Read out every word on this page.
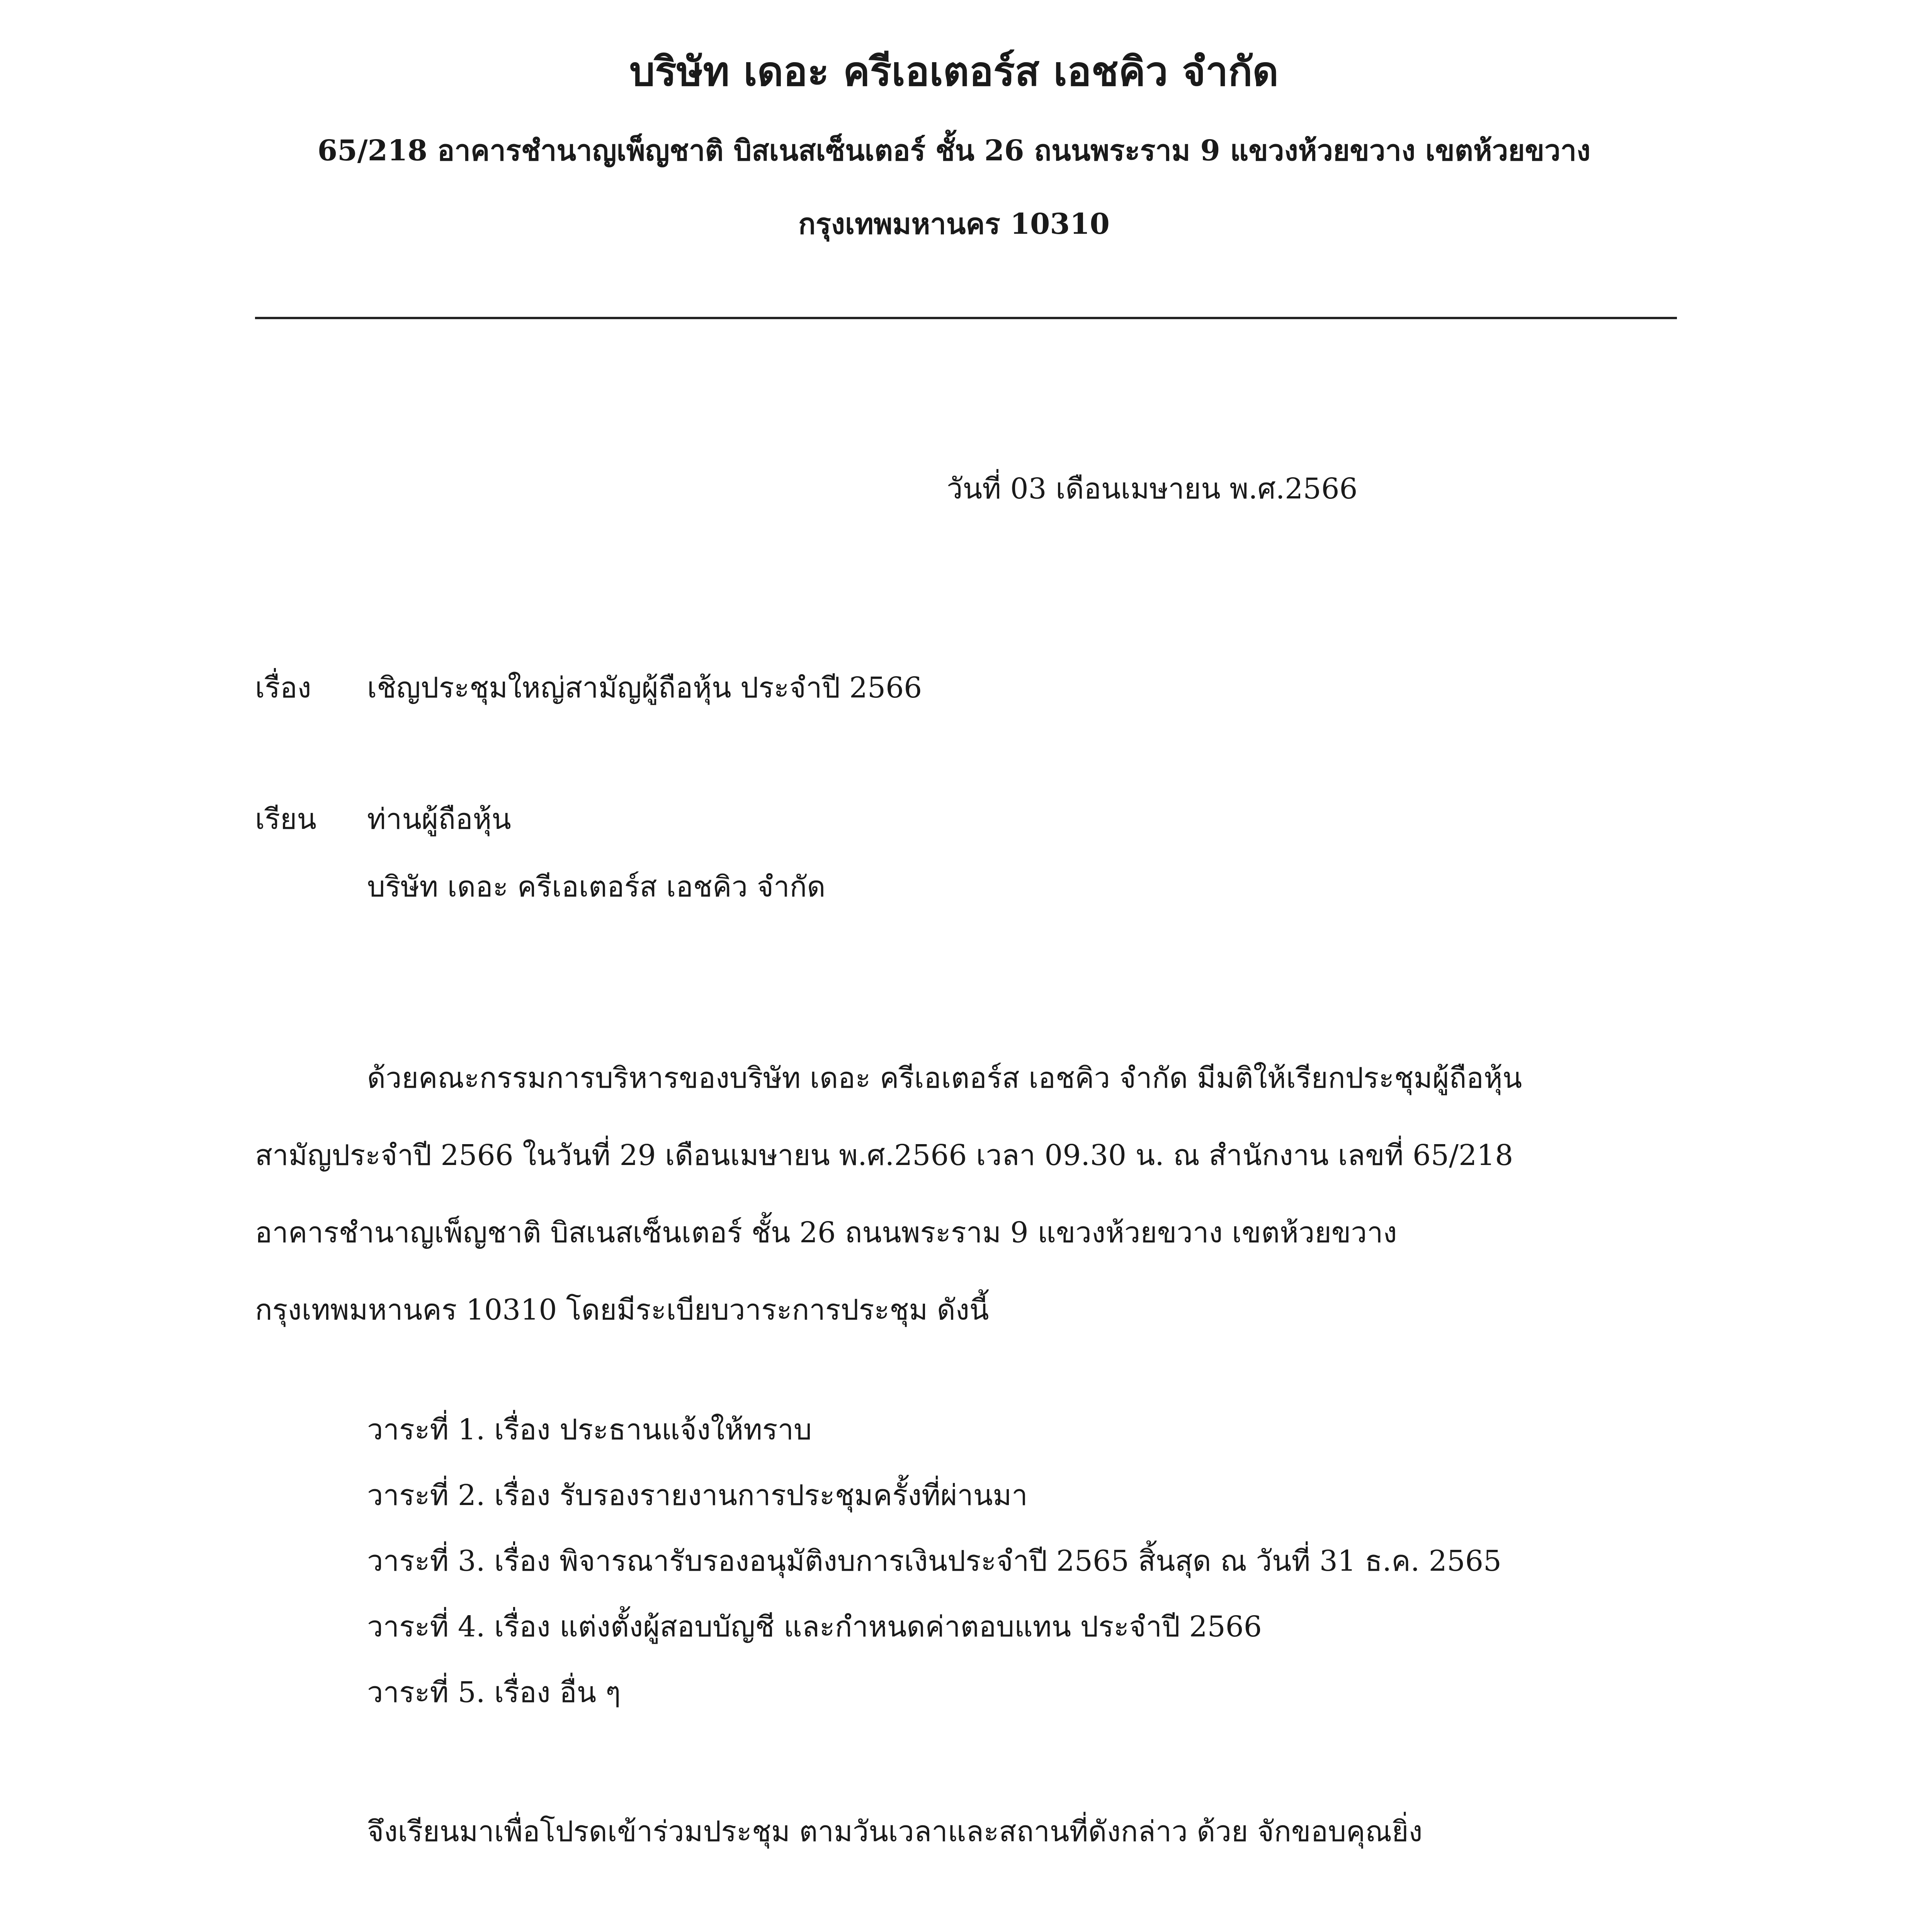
บริษัท เดอะ ครีเอเตอร์ส เอชคิว จำกัด
65/218 อาคารชำนาญเพ็ญชาติ บิสเนสเซ็นเตอร์ ชั้น 26 ถนนพระราม 9 แขวงห้วยขวาง เขตห้วยขวาง
กรุงเทพมหานคร 10310
วันที่ 03 เดือนเมษายน พ.ศ.2566
เรื่อง เชิญประชุมใหญ่สามัญผู้ถือหุ้น ประจำปี 2566
เรียน ท่านผู้ถือหุ้น
บริษัท เดอะ ครีเอเตอร์ส เอชคิว จำกัด
ด้วยคณะกรรมการบริหารของบริษัท เดอะ ครีเอเตอร์ส เอชคิว จำกัด มีมติให้เรียกประชุมผู้ถือหุ้น
สามัญประจำปี 2566 ในวันที่ 29 เดือนเมษายน พ.ศ.2566 เวลา 09.30 น. ณ สำนักงาน เลขที่ 65/218
อาคารชำนาญเพ็ญชาติ บิสเนสเซ็นเตอร์ ชั้น 26 ถนนพระราม 9 แขวงห้วยขวาง เขตห้วยขวาง
กรุงเทพมหานคร 10310 โดยมีระเบียบวาระการประชุม ดังนี้
วาระที่ 1. เรื่อง ประธานแจ้งให้ทราบ
วาระที่ 2. เรื่อง รับรองรายงานการประชุมครั้งที่ผ่านมา
วาระที่ 3. เรื่อง พิจารณารับรองอนุมัติงบการเงินประจำปี 2565 สิ้นสุด ณ วันที่ 31 ธ.ค. 2565
วาระที่ 4. เรื่อง แต่งตั้งผู้สอบบัญชี และกำหนดค่าตอบแทน ประจำปี 2566
วาระที่ 5. เรื่อง อื่น ๆ
จึงเรียนมาเพื่อโปรดเข้าร่วมประชุม ตามวันเวลาและสถานที่ดังกล่าว ด้วย จักขอบคุณยิ่ง
